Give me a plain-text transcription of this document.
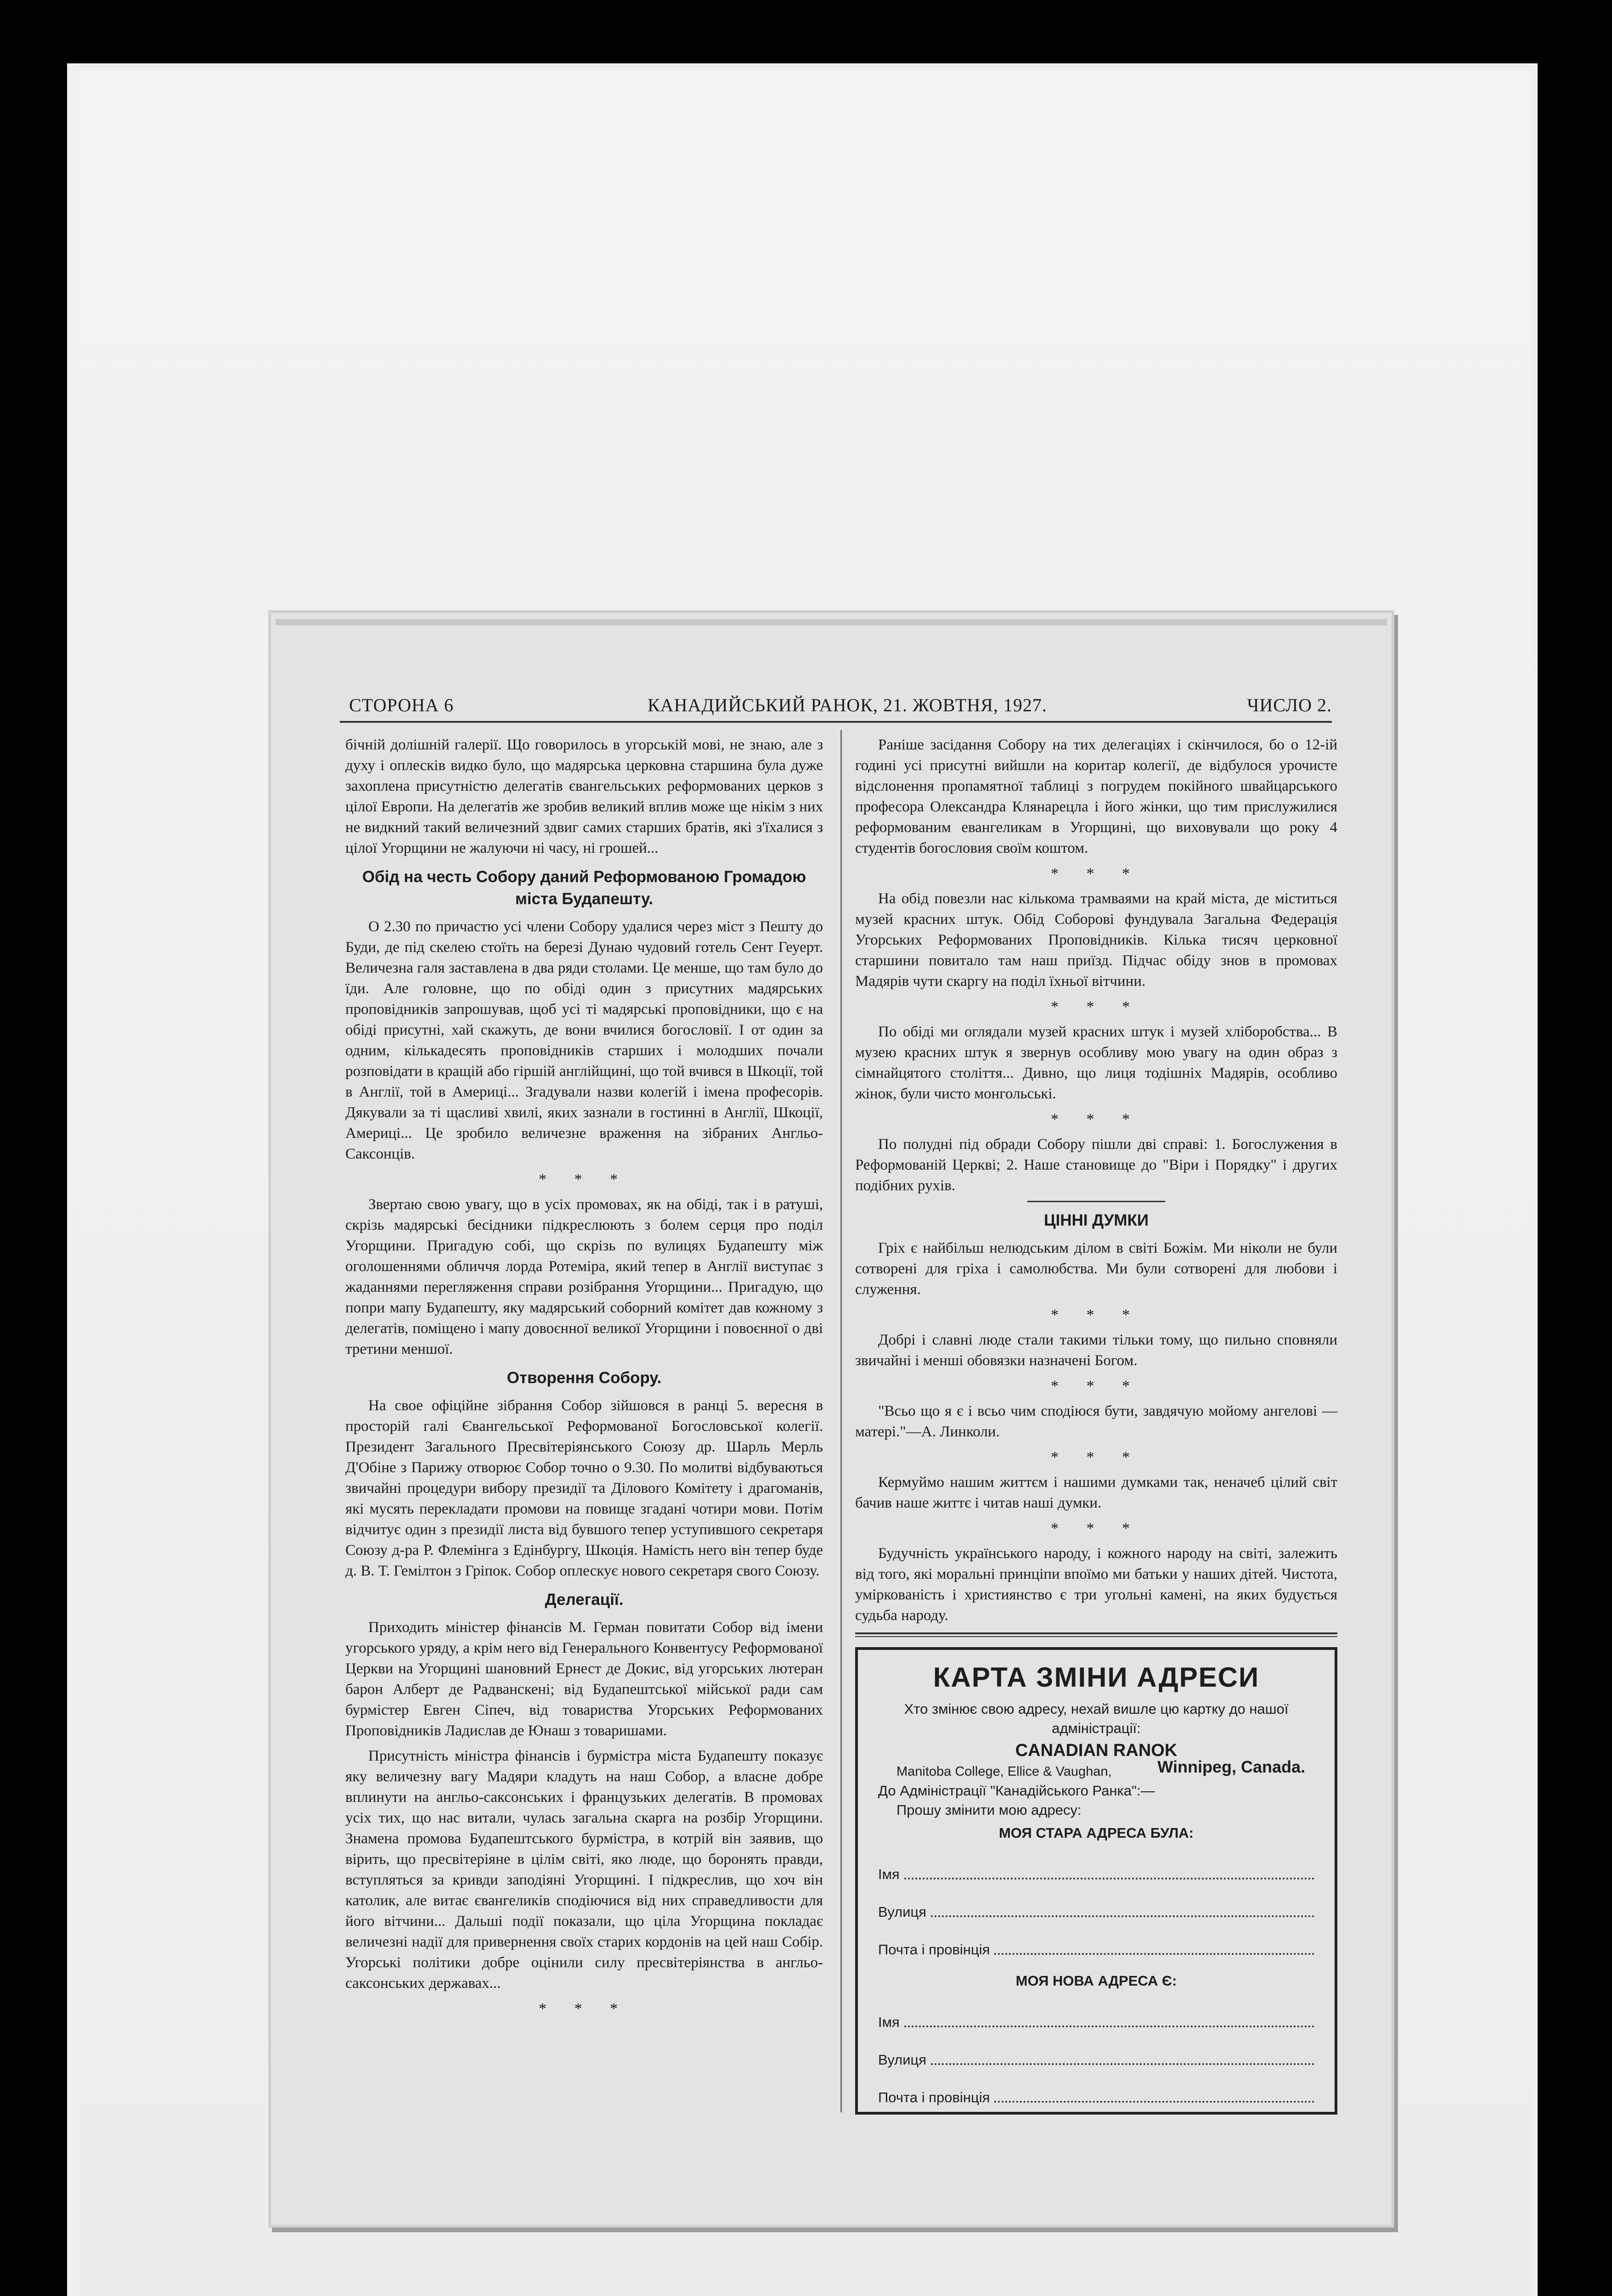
СТОРОНА 6	КАНАДИЙСЬКИЙ РАНОК, 21. ЖОВТНЯ, 1927.	ЧИСЛО 2.

бічній долішній галерії. Що говорилось в угорській мові, не знаю, але з духу і оплесків видко було, що мадярська церковна старшина була дуже захоплена присутністю делегатів євангельських реформованих церков з цілої Европи. На делегатів же зробив великий вплив може ще нікім з них не видкний такий величезний здвиг самих старших братів, які з'їхалися з цілої Угорщини не жалуючи ні часу, ні грошей...

Обід на честь Собору даний Реформованою Громадою міста Будапешту.

О 2.30 по причастю усі члени Собору удалися через міст з Пешту до Буди, де під скелею стоїть на березі Дунаю чудовий готель Сент Геуерт. Величезна галя заставлена в два ряди столами. Це менше, що там було до їди. Але головне, що по обіді один з присутних мадярських проповідників запрошував, щоб усі ті мадярські проповідники, що є на обіді присутні, хай скажуть, де вони вчилися богословії. І от один за одним, кількадесять проповідників старших і молодших почали розповідати в кращій або гіршій англійщині, що той вчився в Шкоції, той в Англії, той в Америці... Згадували назви колегій і імена професорів. Дякували за ті щасливі хвилі, яких зазнали в гостинні в Англії, Шкоції, Америці... Це зробило величезне враження на зібраних Англьо-Саксонців.

* * *

Звертаю свою увагу, що в усіх промовах, як на обіді, так і в ратуші, скрізь мадярські бесідники підкреслюють з болем серця про поділ Угорщини. Пригадую собі, що скрізь по вулицях Будапешту між оголошеннями обличчя лорда Ротеміра, який тепер в Англії виступає з жаданнями перегляження справи розібрання Угорщини... Пригадую, що попри мапу Будапешту, яку мадярський соборний комітет дав кожному з делегатів, поміщено і мапу довоєнної великої Угорщини і повоєнної о дві третини меншої.

Отворення Собору.

На свое офіційне зібрання Собор зійшовся в ранці 5. вересня в просторій галі Євангельської Реформованої Богословської колегії. Президент Загального Пресвітеріянського Союзу др. Шарль Мерль Д'Обіне з Парижу отворює Собор точно о 9.30. По молитві відбуваються звичайні процедури вибору президії та Ділового Комітету і драгоманів, які мусять перекладати промови на повище згадані чотири мови. Потім відчитує один з президії листа від бувшого тепер уступившого секретаря Союзу д-ра Р. Флемінга з Едінбургу, Шкоція. Намість него він тепер буде д. В. Т. Гемілтон з Гріпок. Собор оплескує нового секретаря свого Союзу.

Делегації.

Приходить міністер фінансів М. Герман повитати Собор від імени угорського уряду, а крім него від Генерального Конвентусу Реформованої Церкви на Угорщині шановний Ернест де Докис, від угорських лютеран барон Алберт де Радванскені; від Будапештської мійської ради сам бурмістер Евген Сіпеч, від товариства Угорських Реформованих Проповідників Ладислав де Юнаш з товаришами.

Присутність міністра фінансів і бурмістра міста Будапешту показує яку величезну вагу Мадяри кладуть на наш Собор, а власне добре вплинути на англьо-саксонських і французьких делегатів. В промовах усіх тих, що нас витали, чулась загальна скарга на розбір Угорщини. Знамена промова Будапештського бурмістра, в котрій він заявив, що вірить, що пресвітеріяне в цілім світі, яко люде, що боронять правди, вступляться за кривди заподіяні Угорщині. І підкреслив, що хоч він католик, але витає євангеликів сподіючися від них справедливости для його вітчини... Дальші події показали, що ціла Угорщина покладає величезні надії для привернення своїх старих кордонів на цей наш Собір. Угорські політики добре оцінили силу пресвітеріянства в англьо-саксонських державах...

* * *

Раніше засідання Собору на тих делегаціях і скінчилося, бо о 12-ій годині усі присутні вийшли на коритар колегії, де відбулося урочисте відслонення пропамятної таблиці з погрудем покійного швайцарського професора Олександра Клянарецла і його жінки, що тим прислужилися реформованим евангеликам в Угорщині, що виховували що року 4 студентів богословия своїм коштом.

* * *

На обід повезли нас кількома трамваями на край міста, де міститься музей красних штук. Обід Соборові фундувала Загальна Федерація Угорських Реформованих Проповідників. Кілька тисяч церковної старшини повитало там наш приїзд. Підчас обіду знов в промовах Мадярів чути скаргу на поділ їхньої вітчини.

* * *

По обіді ми оглядали музей красних штук і музей хліборобства... В музею красних штук я звернув особливу мою увагу на один образ з сімнайцятого століття... Дивно, що лиця тодішніх Мадярів, особливо жінок, були чисто монгольські.

* * *

По полудні під обради Собору пішли дві справі: 1. Богослужения в Реформованій Церкві; 2. Наше становище до "Віри і Порядку" і других подібних рухів.

ЦІННІ ДУМКИ

Гріх є найбільш нелюдським ділом в світі Божім. Ми ніколи не були сотворені для гріха і самолюбства. Ми були сотворені для любови і служення.

* * *

Добрі і славні люде стали такими тільки тому, що пильно сповняли звичайні і менші обовязки назначені Богом.

* * *

"Всьо що я є і всьо чим сподіюся бути, завдячую мойому ангелові — матері."—А. Линколи.

* * *

Кермуймо нашим життєм і нашими думками так, неначеб цілий світ бачив наше життє і читав наші думки.

* * *

Будучність українського народу, і кожного народу на світі, залежить від того, які моральні принціпи впоїмо ми батьки у наших дітей. Чистота, умірковaність і християнство є три угольні камені, на яких будується судьба народу.

КАРТА ЗМІНИ АДРЕСИ
Хто змінює свою адресу, нехай вишле цю картку до нашої адміністрації:
CANADIAN RANOK
Manitoba College, Ellice & Vaughan,	Winnipeg, Canada.
До Адміністрації "Канадійського Ранка":—
Прошу змінити мою адресу:
МОЯ СТАРА АДРЕСА БУЛА:
Імя
Вулиця
Почта і провінція
МОЯ НОВА АДРЕСА Є:
Імя
Вулиця
Почта і провінція
